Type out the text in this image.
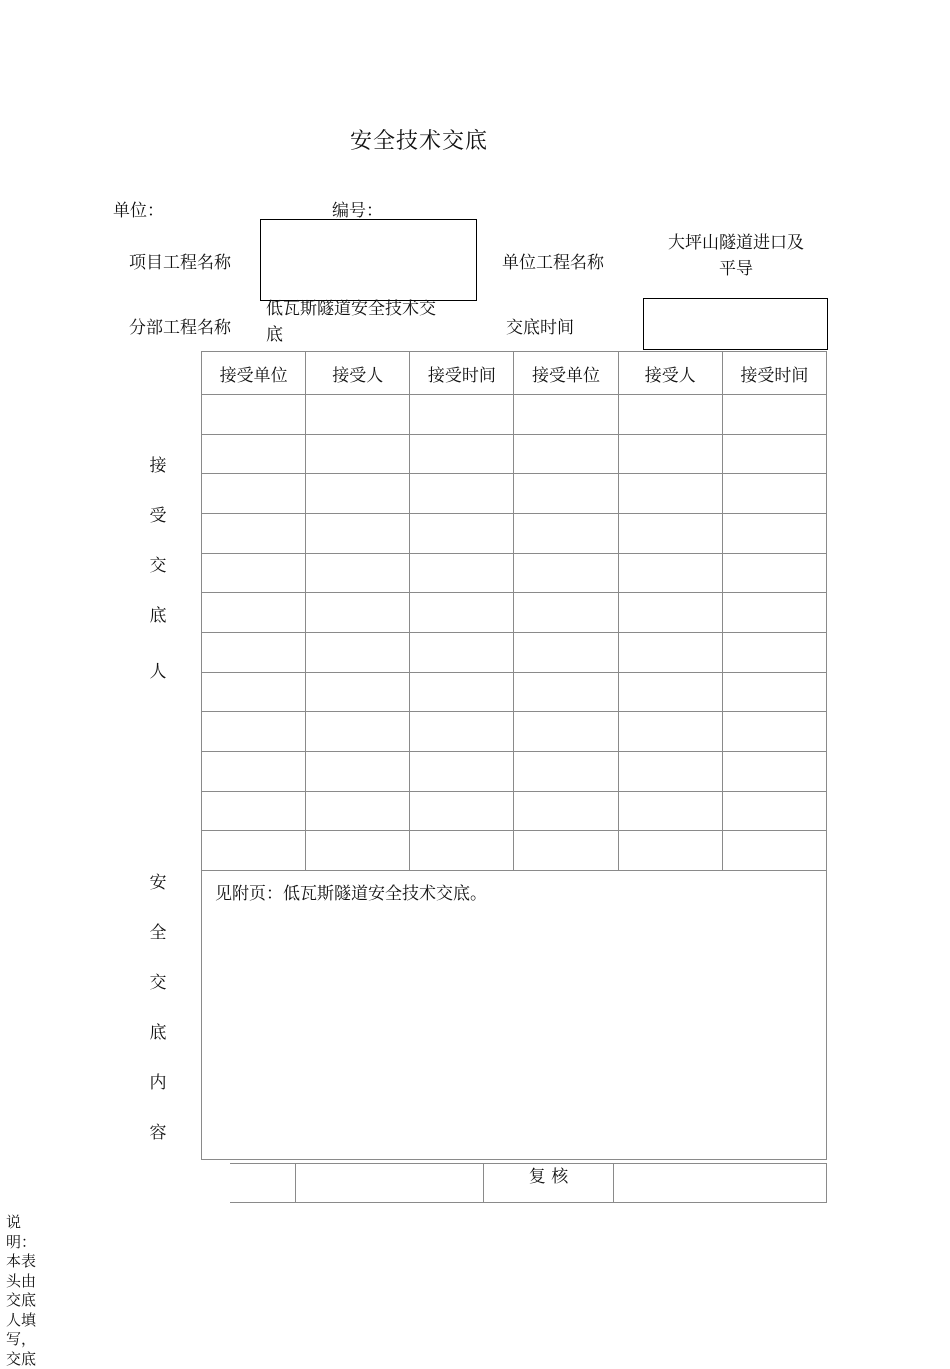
安全技术交底
单位：	编号：
项目工程名称	单位工程名称
大坪山隧道进口及平导
分部工程名称
低瓦斯隧道安全技术交底	交底时间
接
受
交
底
人
接受单位	接受人	接受时间	接受单位	接受人	接受时间

安
全
交
底
内
容
见附页：低瓦斯隧道安全技术交底。
复 核
说明：本表头由交底人填写，交底
